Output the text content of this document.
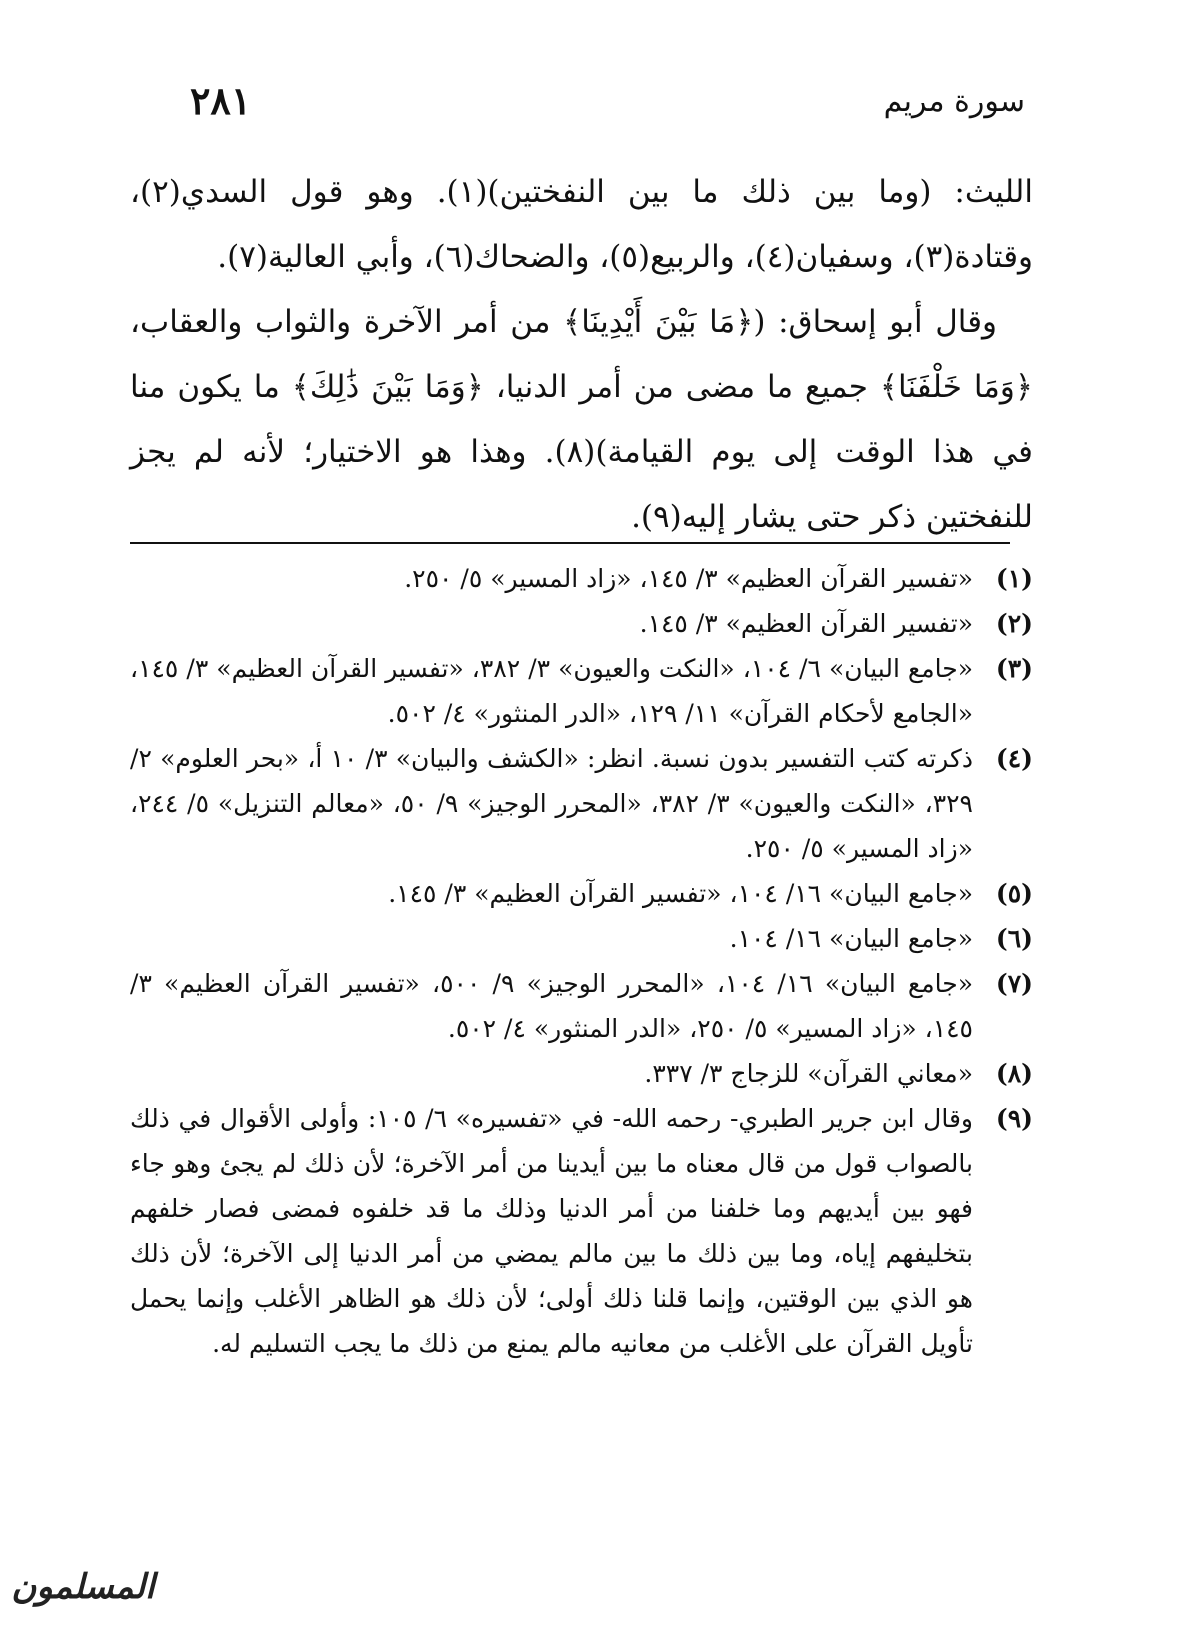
٢٨١	سورة مريم

الليث: (وما بين ذلك ما بين النفختين)(١). وهو قول السدي(٢)، وقتادة(٣)، وسفيان(٤)، والربيع(٥)، والضحاك(٦)، وأبي العالية(٧).

وقال أبو إسحاق: (﴿مَا بَيْنَ أَيْدِينَا﴾ من أمر الآخرة والثواب والعقاب، ﴿وَمَا خَلْفَنَا﴾ جميع ما مضى من أمر الدنيا، ﴿وَمَا بَيْنَ ذَٰلِكَ﴾ ما يكون منا في هذا الوقت إلى يوم القيامة)(٨). وهذا هو الاختيار؛ لأنه لم يجز للنفختين ذكر حتى يشار إليه(٩).

(١)
«تفسير القرآن العظيم» ٣/ ١٤٥، «زاد المسير» ٥/ ٢٥٠.
(٢)
«تفسير القرآن العظيم» ٣/ ١٤٥.
(٣)
«جامع البيان» ٦/ ١٠٤، «النكت والعيون» ٣/ ٣٨٢، «تفسير القرآن العظيم» ٣/ ١٤٥، «الجامع لأحكام القرآن» ١١/ ١٢٩، «الدر المنثور» ٤/ ٥٠٢.
(٤)
ذكرته كتب التفسير بدون نسبة. انظر: «الكشف والبيان» ٣/ ١٠ أ، «بحر العلوم» ٢/ ٣٢٩، «النكت والعيون» ٣/ ٣٨٢، «المحرر الوجيز» ٩/ ٥٠، «معالم التنزيل» ٥/ ٢٤٤، «زاد المسير» ٥/ ٢٥٠.
(٥)
«جامع البيان» ١٦/ ١٠٤، «تفسير القرآن العظيم» ٣/ ١٤٥.
(٦)
«جامع البيان» ١٦/ ١٠٤.
(٧)
«جامع البيان» ١٦/ ١٠٤، «المحرر الوجيز» ٩/ ٥٠٠، «تفسير القرآن العظيم» ٣/ ١٤٥، «زاد المسير» ٥/ ٢٥٠، «الدر المنثور» ٤/ ٥٠٢.
(٨)
«معاني القرآن» للزجاج ٣/ ٣٣٧.
(٩)
وقال ابن جرير الطبري- رحمه الله- في «تفسيره» ٦/ ١٠٥: وأولى الأقوال في ذلك بالصواب قول من قال معناه ما بين أيدينا من أمر الآخرة؛ لأن ذلك لم يجئ وهو جاء فهو بين أيديهم وما خلفنا من أمر الدنيا وذلك ما قد خلفوه فمضى فصار خلفهم بتخليفهم إياه، وما بين ذلك ما بين مالم يمضي من أمر الدنيا إلى الآخرة؛ لأن ذلك هو الذي بين الوقتين، وإنما قلنا ذلك أولى؛ لأن ذلك هو الظاهر الأغلب وإنما يحمل تأويل القرآن على الأغلب من معانيه مالم يمنع من ذلك ما يجب التسليم له.
المسلمون
